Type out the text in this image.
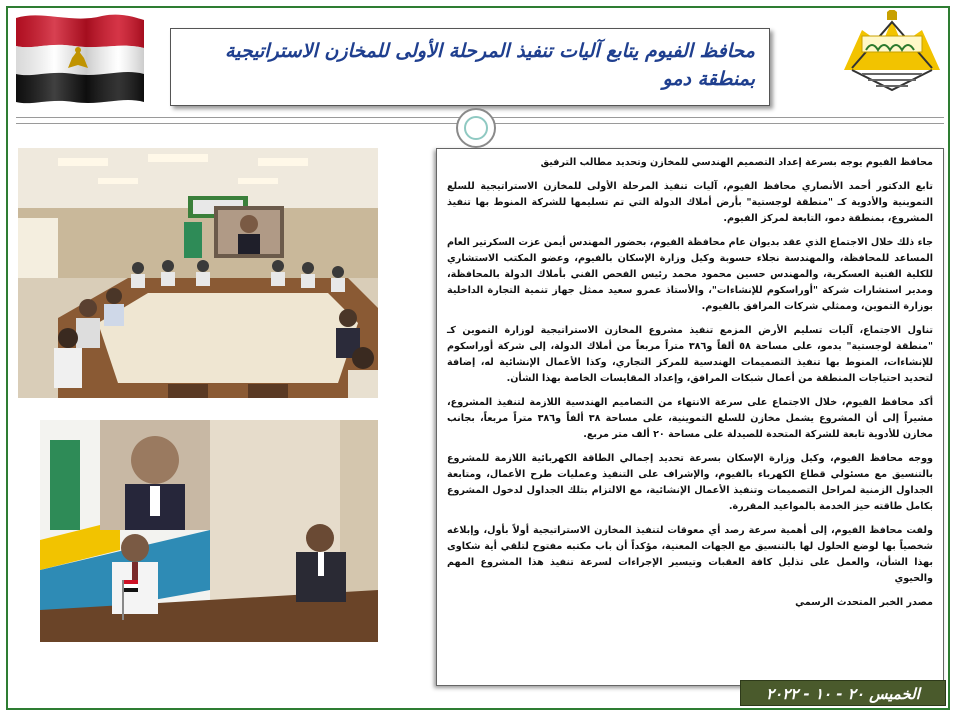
محافظ الفيوم يتابع آليات تنفيذ المرحلة الأولى للمخازن الاستراتيجية بمنطقة دمو

محافظ الفيوم يوجه بسرعة إعداد التصميم الهندسي للمخازن وتحديد مطالب الترفيق

تابع الدكتور أحمد الأنصاري محافظ الفيوم، آليات تنفيذ المرحلة الأولى للمخازن الاستراتيجية للسلع التموينية والأدوية كـ "منطقة لوجستية" بأرض أملاك الدولة التي تم تسليمها للشركة المنوط بها تنفيذ المشروع، بمنطقة دمو، التابعة لمركز الفيوم.

جاء ذلك خلال الاجتماع الذي عقد بديوان عام محافظة الفيوم، بحضور المهندس أيمن عزت السكرتير العام المساعد للمحافظة، والمهندسة نجلاء حسوبة وكيل وزارة الإسكان بالفيوم، وعضو المكتب الاستشاري للكلية الفنية العسكرية، والمهندس حسين محمود محمد رئيس الفحص الفني بأملاك الدولة بالمحافظة، ومدير استشارات شركة "أوراسكوم للإنشاءات"، والأستاذ عمرو سعيد ممثل جهاز تنمية التجارة الداخلية بوزارة التموين، وممثلي شركات المرافق بالفيوم.

تناول الاجتماع، آليات تسليم الأرض المزمع تنفيذ مشروع المخازن الاستراتيجية لوزارة التموين كـ "منطقة لوجستية" بدمو، على مساحة ٥٨ ألفاً و٣٨٦ متراً مربعاً من أملاك الدولة، إلى شركة أوراسكوم للإنشاءات، المنوط بها تنفيذ التصميمات الهندسية للمركز التجاري، وكذا الأعمال الإنشائية له، إضافة لتحديد احتياجات المنطقة من أعمال شبكات المرافق، وإعداد المقايسات الخاصة بهذا الشأن.

أكد محافظ الفيوم، خلال الاجتماع على سرعة الانتهاء من التصاميم الهندسية اللازمة لتنفيذ المشروع، مشيراً إلى أن المشروع يشمل مخازن للسلع التموينية، على مساحة ٣٨ ألفاً و٣٨٦ متراً مربعاً، بجانب مخازن للأدوية تابعة للشركة المتحدة للصيدلة على مساحة ٢٠ ألف متر مربع.

ووجه محافظ الفيوم، وكيل وزارة الإسكان بسرعة تحديد إجمالي الطاقة الكهربائية اللازمة للمشروع بالتنسيق مع مسئولي قطاع الكهرباء بالفيوم، والإشراف على التنفيذ وعمليات طرح الأعمال، ومتابعة الجداول الزمنية لمراحل التصميمات وتنفيذ الأعمال الإنشائية، مع الالتزام بتلك الجداول لدخول المشروع بكامل طاقته حيز الخدمة بالمواعيد المقررة.

ولفت محافظ الفيوم، إلى أهمية سرعة رصد أي معوقات لتنفيذ المخازن الاستراتيجية أولاً بأول، وإبلاغه شخصياً بها لوضع الحلول لها بالتنسيق مع الجهات المعنية، مؤكداً أن باب مكتبه مفتوح لتلقي أية شكاوى بهذا الشأن، والعمل على تذليل كافة العقبات وتيسير الإجراءات لسرعة تنفيذ هذا المشروع المهم والحيوي

مصدر الخبر المتحدث الرسمي

الخميس ٢٠ - ١٠ - ٢٠٢٢
